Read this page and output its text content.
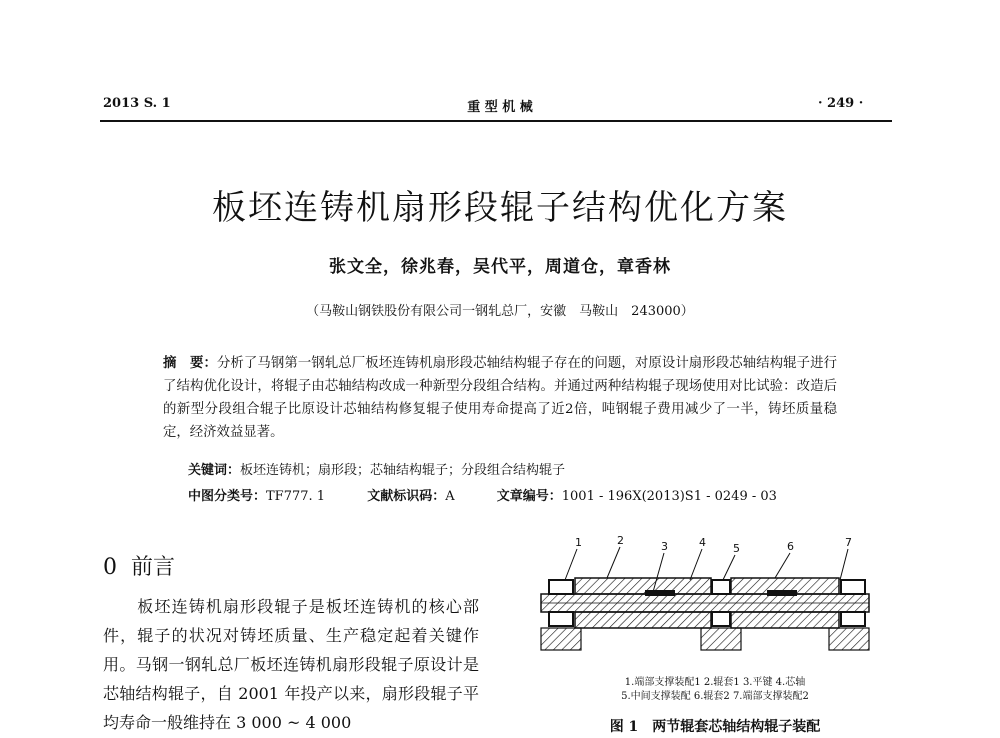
2013 S. 1	重 型 机 械	· 249 ·
板坯连铸机扇形段辊子结构优化方案
张文全，徐兆春，吴代平，周道仓，章香林
（马鞍山钢铁股份有限公司一钢轧总厂，安徽　马鞍山　243000）
摘　要：分析了马钢第一钢轧总厂板坯连铸机扇形段芯轴结构辊子存在的问题，对原设计扇形段芯轴结构辊子进行了结构优化设计，将辊子由芯轴结构改成一种新型分段组合结构。并通过两种结构辊子现场使用对比试验：改造后的新型分段组合辊子比原设计芯轴结构修复辊子使用寿命提高了近2倍，吨钢辊子费用减少了一半，铸坯质量稳定，经济效益显著。
关键词：板坯连铸机；扇形段；芯轴结构辊子；分段组合结构辊子
中图分类号：TF777. 1	文献标识码：A	文章编号：1001 - 196X(2013)S1 - 0249 - 03
0 前言
　　板坯连铸机扇形段辊子是板坯连铸机的核心部件，辊子的状况对铸坯质量、生产稳定起着关键作用。马钢一钢轧总厂板坯连铸机扇形段辊子原设计是芯轴结构辊子，自 2001 年投产以来，扇形段辊子平均寿命一般维持在 3 000 ~ 4 000
1	2	3	4 5	6	7
1.端部支撑装配1 2.辊套1 3.平键 4.芯轴
5.中间支撑装配 6.辊套2 7.端部支撑装配2
图 1　两节辊套芯轴结构辊子装配
